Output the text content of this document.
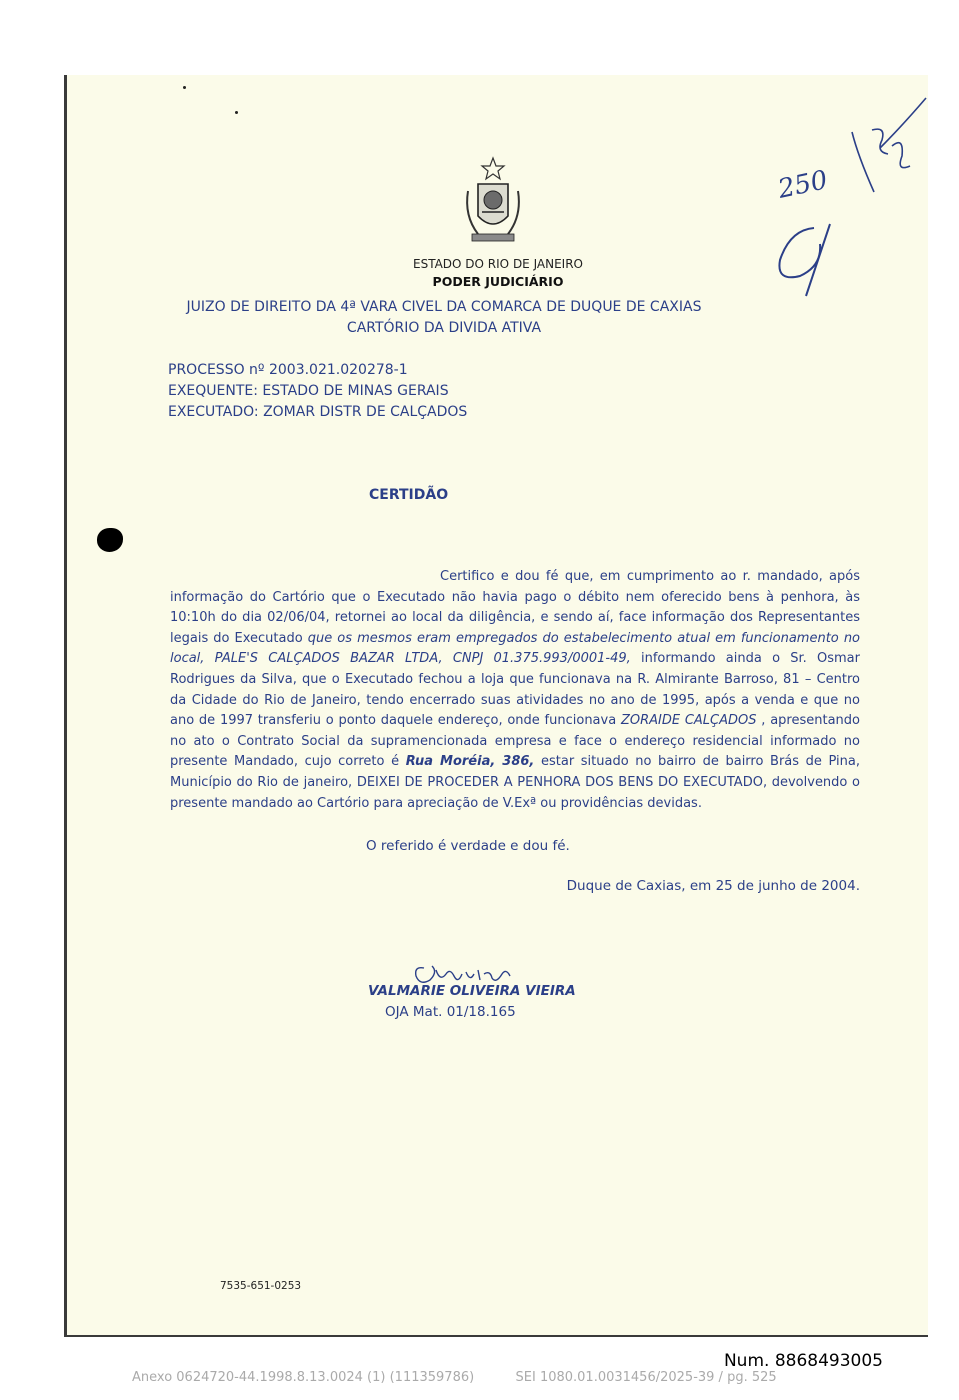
ESTADO DO RIO DE JANEIRO
PODER JUDICIÁRIO
JUIZO DE DIREITO DA 4ª VARA CIVEL DA COMARCA DE DUQUE DE CAXIAS
CARTÓRIO DA DIVIDA ATIVA
PROCESSO nº 2003.021.020278-1
EXEQUENTE: ESTADO DE MINAS GERAIS
EXECUTADO: ZOMAR DISTR DE CALÇADOS
CERTIDÃO

Certifico e dou fé que, em cumprimento ao r. mandado, após informação do Cartório que o Executado não havia pago o débito nem oferecido bens à penhora, às 10:10h do dia 02/06/04, retornei ao local da diligência, e sendo aí, face informação dos Representantes legais do Executado que os mesmos eram empregados do estabelecimento atual em funcionamento no local, PALE'S CALÇADOS BAZAR LTDA, CNPJ 01.375.993/0001-49, informando ainda o Sr. Osmar Rodrigues da Silva, que o Executado fechou a loja que funcionava na R. Almirante Barroso, 81 – Centro da Cidade do Rio de Janeiro, tendo encerrado suas atividades no ano de 1995, após a venda e que no ano de 1997 transferiu o ponto daquele endereço, onde funcionava ZORAIDE CALÇADOS , apresentando no ato o Contrato Social da supramencionada empresa e face o endereço residencial informado no presente Mandado, cujo correto é Rua Moréia, 386, estar situado no bairro de bairro Brás de Pina, Município do Rio de janeiro, DEIXEI DE PROCEDER A PENHORA DOS BENS DO EXECUTADO, devolvendo o presente mandado ao Cartório para apreciação de V.Exª ou providências devidas.

O referido é verdade e dou fé.
Duque de Caxias, em 25 de junho de 2004.
VALMARIE OLIVEIRA VIEIRA
OJA Mat. 01/18.165
250
7535-651-0253
Num. 8868493005
Anexo 0624720-44.1998.8.13.0024 (1) (111359786)          SEI 1080.01.0031456/2025-39 / pg. 525
